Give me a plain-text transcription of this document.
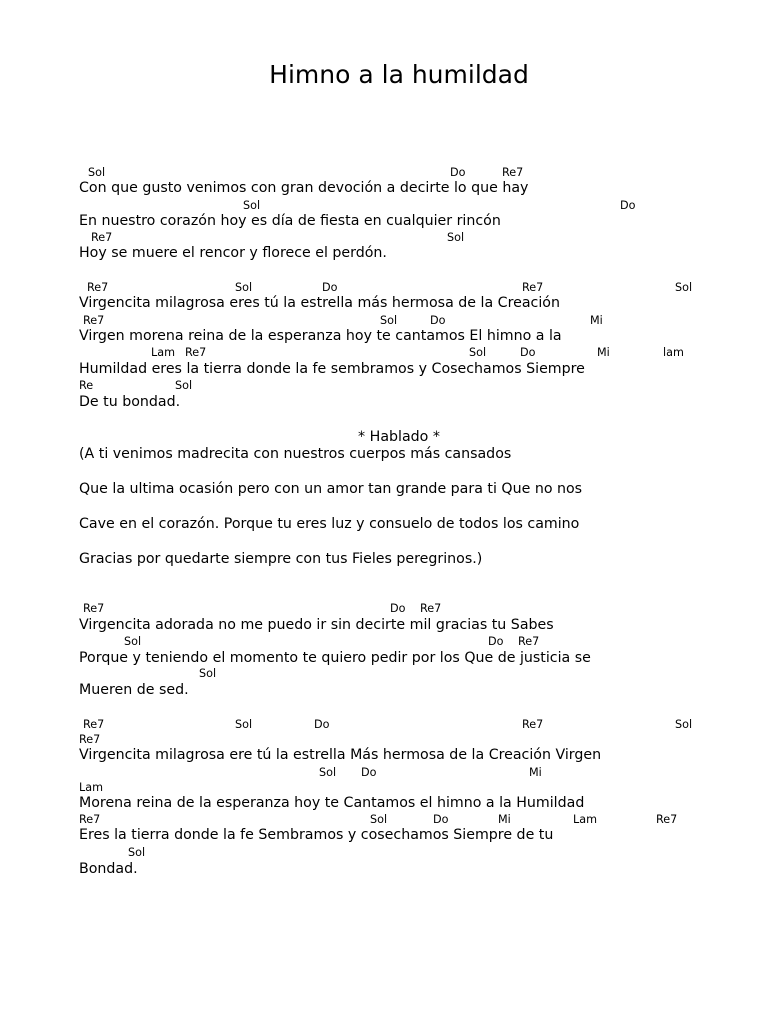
Himno a la humildad
Sol	Do	Re7
Con que gusto venimos con gran devoción a decirte lo que hay
Sol	Do
En nuestro corazón hoy es día de fiesta en cualquier rincón
Re7	Sol
Hoy se muere el rencor y florece el perdón.
Re7	Sol	Do	Re7	Sol
Virgencita milagrosa eres tú la estrella más hermosa de la Creación
Re7	Sol	Do	Mi
Virgen morena reina de la esperanza hoy te cantamos El himno a la
Lam Re7	Sol	Do	Mi	lam
Humildad eres la tierra donde la fe sembramos y Cosechamos Siempre
Re	Sol
De tu bondad.
* Hablado *
(A ti venimos madrecita con nuestros cuerpos más cansados
Que la ultima ocasión pero con un amor tan grande para ti Que no nos
Cave en el corazón. Porque tu eres luz y consuelo de todos los camino
Gracias por quedarte siempre con tus Fieles peregrinos.)
Re7	Do Re7
Virgencita adorada no me puedo ir sin decirte mil gracias tu Sabes
Sol	Do Re7
Porque y teniendo el momento te quiero pedir por los Que de justicia se
Sol
Mueren de sed.
Re7	Sol	Do	Re7	Sol
Re7
Virgencita milagrosa ere tú la estrella Más hermosa de la Creación Virgen
Sol Do	Mi
Lam
Morena reina de la esperanza hoy te Cantamos el himno a la Humildad
Re7	Sol	Do	Mi	Lam	Re7
Eres la tierra donde la fe Sembramos y cosechamos Siempre de tu
Sol
Bondad.
